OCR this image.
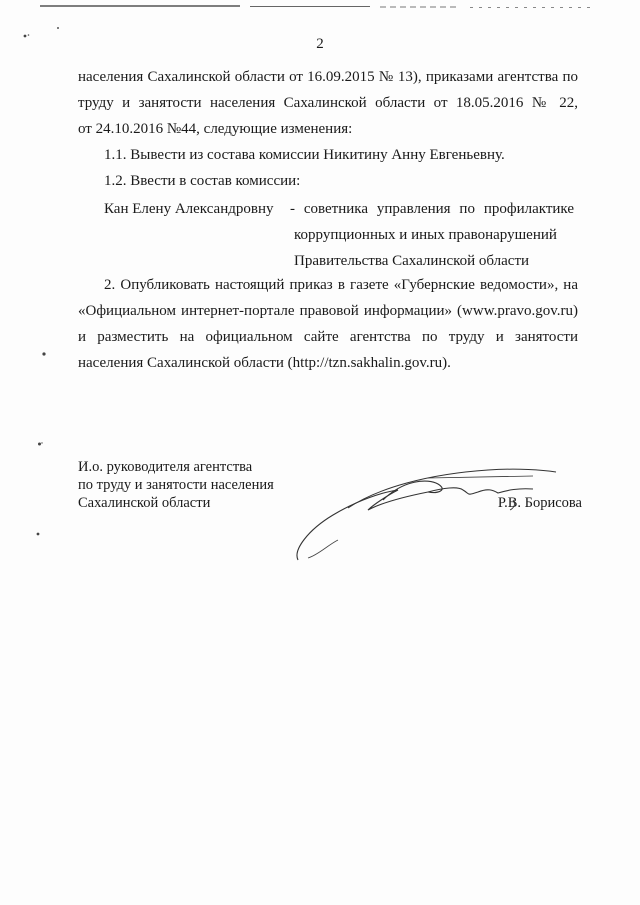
2

населения Сахалинской области от 16.09.2015 № 13), приказами агентства по

труду и занятости населения Сахалинской области от 18.05.2016 № 22,

от 24.10.2016 №44, следующие изменения:

1.1. Вывести из состава комиссии Никитину Анну Евгеньевну.

1.2. Ввести в состав комиссии:

Кан Елену Александровну - советника управления по профилактике
коррупционных и иных правонарушений
Правительства Сахалинской области

2. Опубликовать настоящий приказ в газете «Губернские ведомости», на
«Официальном интернет-портале правовой информации» (www.pravo.gov.ru)
и разместить на официальном сайте агентства по труду и занятости
населения Сахалинской области (http://tzn.sakhalin.gov.ru).

И.о. руководителя агентства
по труду и занятости населения
Сахалинской области	Р.В. Борисова
